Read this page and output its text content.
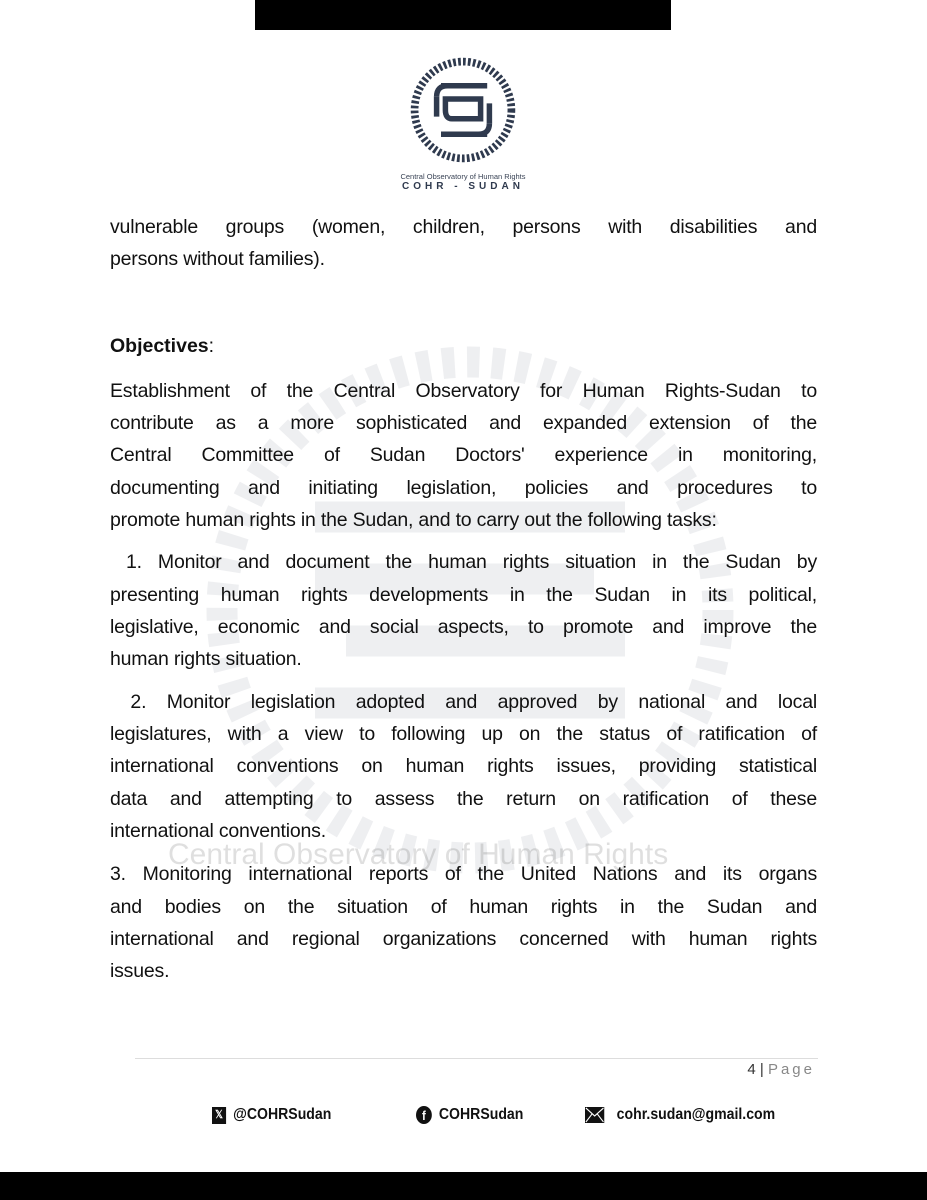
Central Observatory of Human Rights
Central Observatory of Human Rights
COHR - SUDAN
vulnerable groups (women, children, persons with disabilities and
persons without families).
Objectives:
Establishment of the Central Observatory for Human Rights-Sudan to
contribute as a more sophisticated and expanded extension of the
Central Committee of Sudan Doctors' experience in monitoring,
documenting and initiating legislation, policies and procedures to
promote human rights in the Sudan, and to carry out the following tasks:
1. Monitor and document the human rights situation in the Sudan by
presenting human rights developments in the Sudan in its political,
legislative, economic and social aspects, to promote and improve the
human rights situation.
2. Monitor legislation adopted and approved by national and local
legislatures, with a view to following up on the status of ratification of
international conventions on human rights issues, providing statistical
data and attempting to assess the return on ratification of these
international conventions.
3. Monitoring international reports of the United Nations and its organs
and bodies on the situation of human rights in the Sudan and
international and regional organizations concerned with human rights
issues.
4 | Page
𝕏 @COHRSudan	f COHRSudan	cohr.sudan@gmail.com
